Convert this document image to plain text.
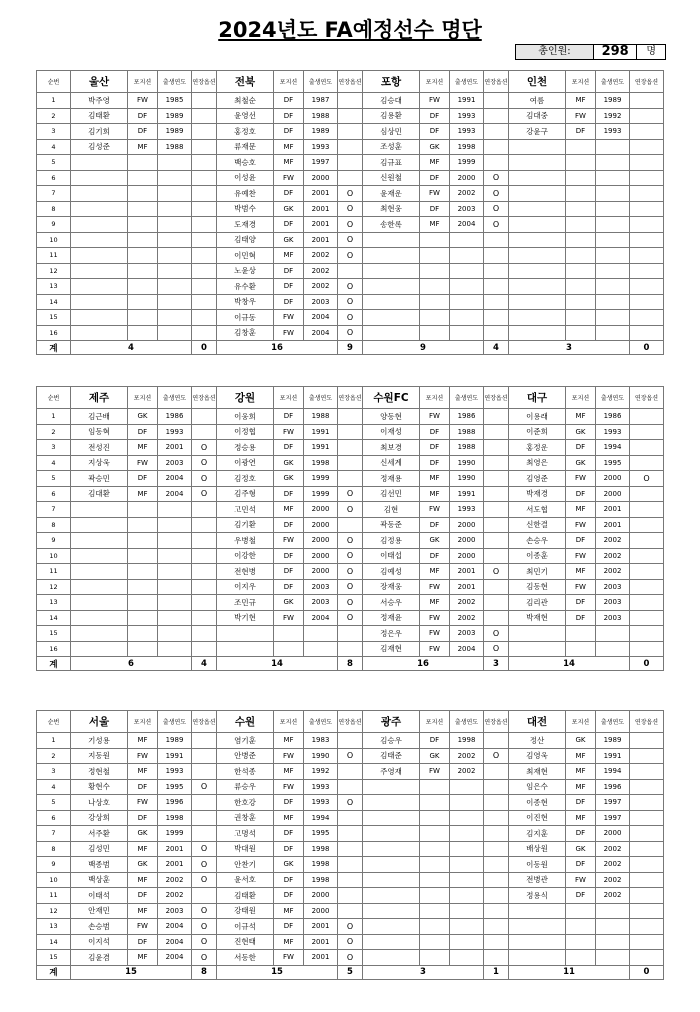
2024년도 FA예정선수 명단
총인원:	298	명
순번	울산	포지션	출생연도	연장옵션	전북	포지션	출생연도	연장옵션	포항	포지션	출생연도	연장옵션	인천	포지션	출생연도	연장옵션
1	박주영	FW	1985		최철순	DF	1987		김승대	FW	1991		여름	MF	1989	
2	김태환	DF	1989		윤영선	DF	1988		김용환	DF	1993		김대중	FW	1992	
3	김기희	DF	1989		홍정호	DF	1989		심상민	DF	1993		강윤구	DF	1993	
4	김성준	MF	1988		류재문	MF	1993		조성훈	GK	1998					
5					백승호	MF	1997		김규표	MF	1999					
6					이성윤	FW	2000		신원철	DF	2000	O				
7					유예찬	DF	2001	O	윤재운	FW	2002	O				
8					박범수	GK	2001	O	최현웅	DF	2003	O				
9					도재경	DF	2001	O	송한록	MF	2004	O				
10					김태양	GK	2001	O								
11					이민혁	MF	2002	O								
12					노윤상	DF	2002									
13					유수환	DF	2002	O								
14					박창우	DF	2003	O								
15					이규동	FW	2004	O								
16					김창훈	FW	2004	O								
계	4			0	16			9	9			4	3			0
순번	제주	포지션	출생연도	연장옵션	강원	포지션	출생연도	연장옵션	수원FC	포지션	출생연도	연장옵션	대구	포지션	출생연도	연장옵션
1	김근배	GK	1986		이웅희	DF	1988		양동현	FW	1986		이용래	MF	1986	
2	임동혁	DF	1993		이정협	FW	1991		이재성	DF	1988		이준희	GK	1993	
3	전성진	MF	2001	O	정승용	DF	1991		최보경	DF	1988		홍정운	DF	1994	
4	지상욱	FW	2003	O	이광연	GK	1998		신세계	DF	1990		최영은	GK	1995	
5	곽승민	DF	2004	O	김정호	GK	1999		정재용	MF	1990		김영준	FW	2000	O
6	김대환	MF	2004	O	김주형	DF	1999	O	김선민	MF	1991		박재경	DF	2000	
7					고민석	MF	2000	O	김현	FW	1993		서도협	MF	2001	
8					김기환	DF	2000		곽동준	DF	2000		신한결	FW	2001	
9					우병철	FW	2000	O	김정용	GK	2000		손승우	DF	2002	
10					이강한	DF	2000	O	이태섭	DF	2000		이종훈	FW	2002	
11					전현병	DF	2000	O	김예성	MF	2001	O	최민기	MF	2002	
12					이지우	DF	2003	O	장재웅	FW	2001		김동현	FW	2003	
13					조민규	GK	2003	O	서승우	MF	2002		김리관	DF	2003	
14					박기현	FW	2004	O	정재윤	FW	2002		박재현	DF	2003	
15									정은우	FW	2003	O				
16									김재현	FW	2004	O				
계	6			4	14			8	16			3	14			0
순번	서울	포지션	출생연도	연장옵션	수원	포지션	출생연도	연장옵션	광주	포지션	출생연도	연장옵션	대전	포지션	출생연도	연장옵션
1	기성용	MF	1989		염기훈	MF	1983		김승우	DF	1998		정산	GK	1989	
2	지동원	FW	1991		안병준	FW	1990	O	김태준	GK	2002	O	김영욱	MF	1991	
3	정현철	MF	1993		한석종	MF	1992		주영재	FW	2002		최재현	MF	1994	
4	황현수	DF	1995	O	류승우	FW	1993						임은수	MF	1996	
5	나상호	FW	1996		한호강	DF	1993	O					이종현	DF	1997	
6	강상희	DF	1998		권창훈	MF	1994						이진현	MF	1997	
7	서주환	GK	1999		고명석	DF	1995						김지훈	DF	2000	
8	김성민	MF	2001	O	박대원	DF	1998						배상원	GK	2002	
9	백종범	GK	2001	O	안찬기	GK	1998						이동원	DF	2002	
10	백상훈	MF	2002	O	윤서호	DF	1998						전병관	FW	2002	
11	이태석	DF	2002		김태환	DF	2000						정용식	DF	2002	
12	안재민	MF	2003	O	강태원	MF	2000									
13	손승범	FW	2004	O	이규석	DF	2001	O								
14	이지석	DF	2004	O	진현태	MF	2001	O								
15	김윤겸	MF	2004	O	서동한	FW	2001	O								
계	15			8	15			5	3			1	11			0
